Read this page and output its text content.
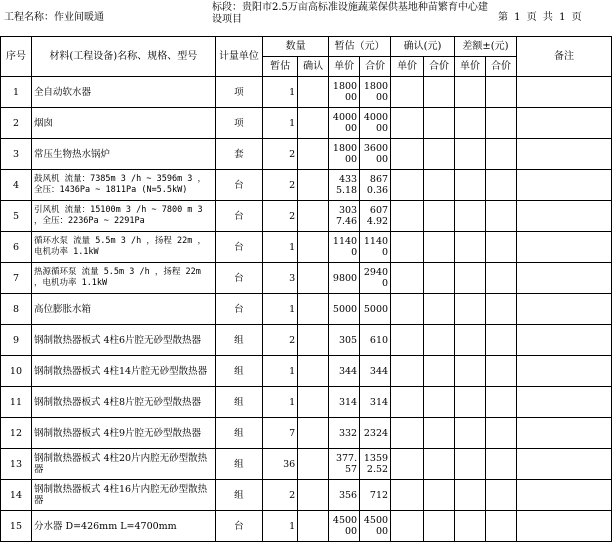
工程名称：作业间暖通
标段：贵阳市2.5万亩高标准设施蔬菜保供基地种苗繁育中心建设项目	第 1 页 共 1 页
序号	材料(工程设备)名称、规格、型号	计量单位	数量		暂估（元）		确认(元)		差额±(元)		备注
			暂估	确认	单价	合价	单价	合价	单价	合价	
1	全自动软水器	项	1		180000	180000					
2	烟囱	项	1		400000	400000					
3	常压生物热水锅炉	套	2		180000	360000					
4	鼓风机 流量：7385m 3 /h ~ 3596m 3 ，全压：1436Pa ~ 1811Pa (N=5.5kW)	台	2		4335.18	8670.36					
5	引风机 流量：15100m 3 /h ~ 7800 m 3 ，全压：2236Pa ~ 2291Pa	台	2		3037.46	6074.92					
6	循环水泵 流量 5.5m 3 /h ，扬程 22m ，电机功率 1.1kW	台	1		11400	11400					
7	热源循环泵 流量 5.5m 3 /h ，扬程 22m ，电机功率 1.1kW	台	3		9800	29400					
8	高位膨胀水箱	台	1		5000	5000					
9	钢制散热器板式 4柱6片腔无砂型散热器	组	2		305	610					
10	钢制散热器板式 4柱14片腔无砂型散热器	组	1		344	344					
11	钢制散热器板式 4柱8片腔无砂型散热器	组	1		314	314					
12	钢制散热器板式 4柱9片腔无砂型散热器	组	7		332	2324					
13	钢制散热器板式 4柱20片内腔无砂型散热器	组	36		377.57	13592.52					
14	钢制散热器板式 4柱16片内腔无砂型散热器	组	2		356	712					
15	分水器 D=426mm L=4700mm	台	1		450000	450000					
